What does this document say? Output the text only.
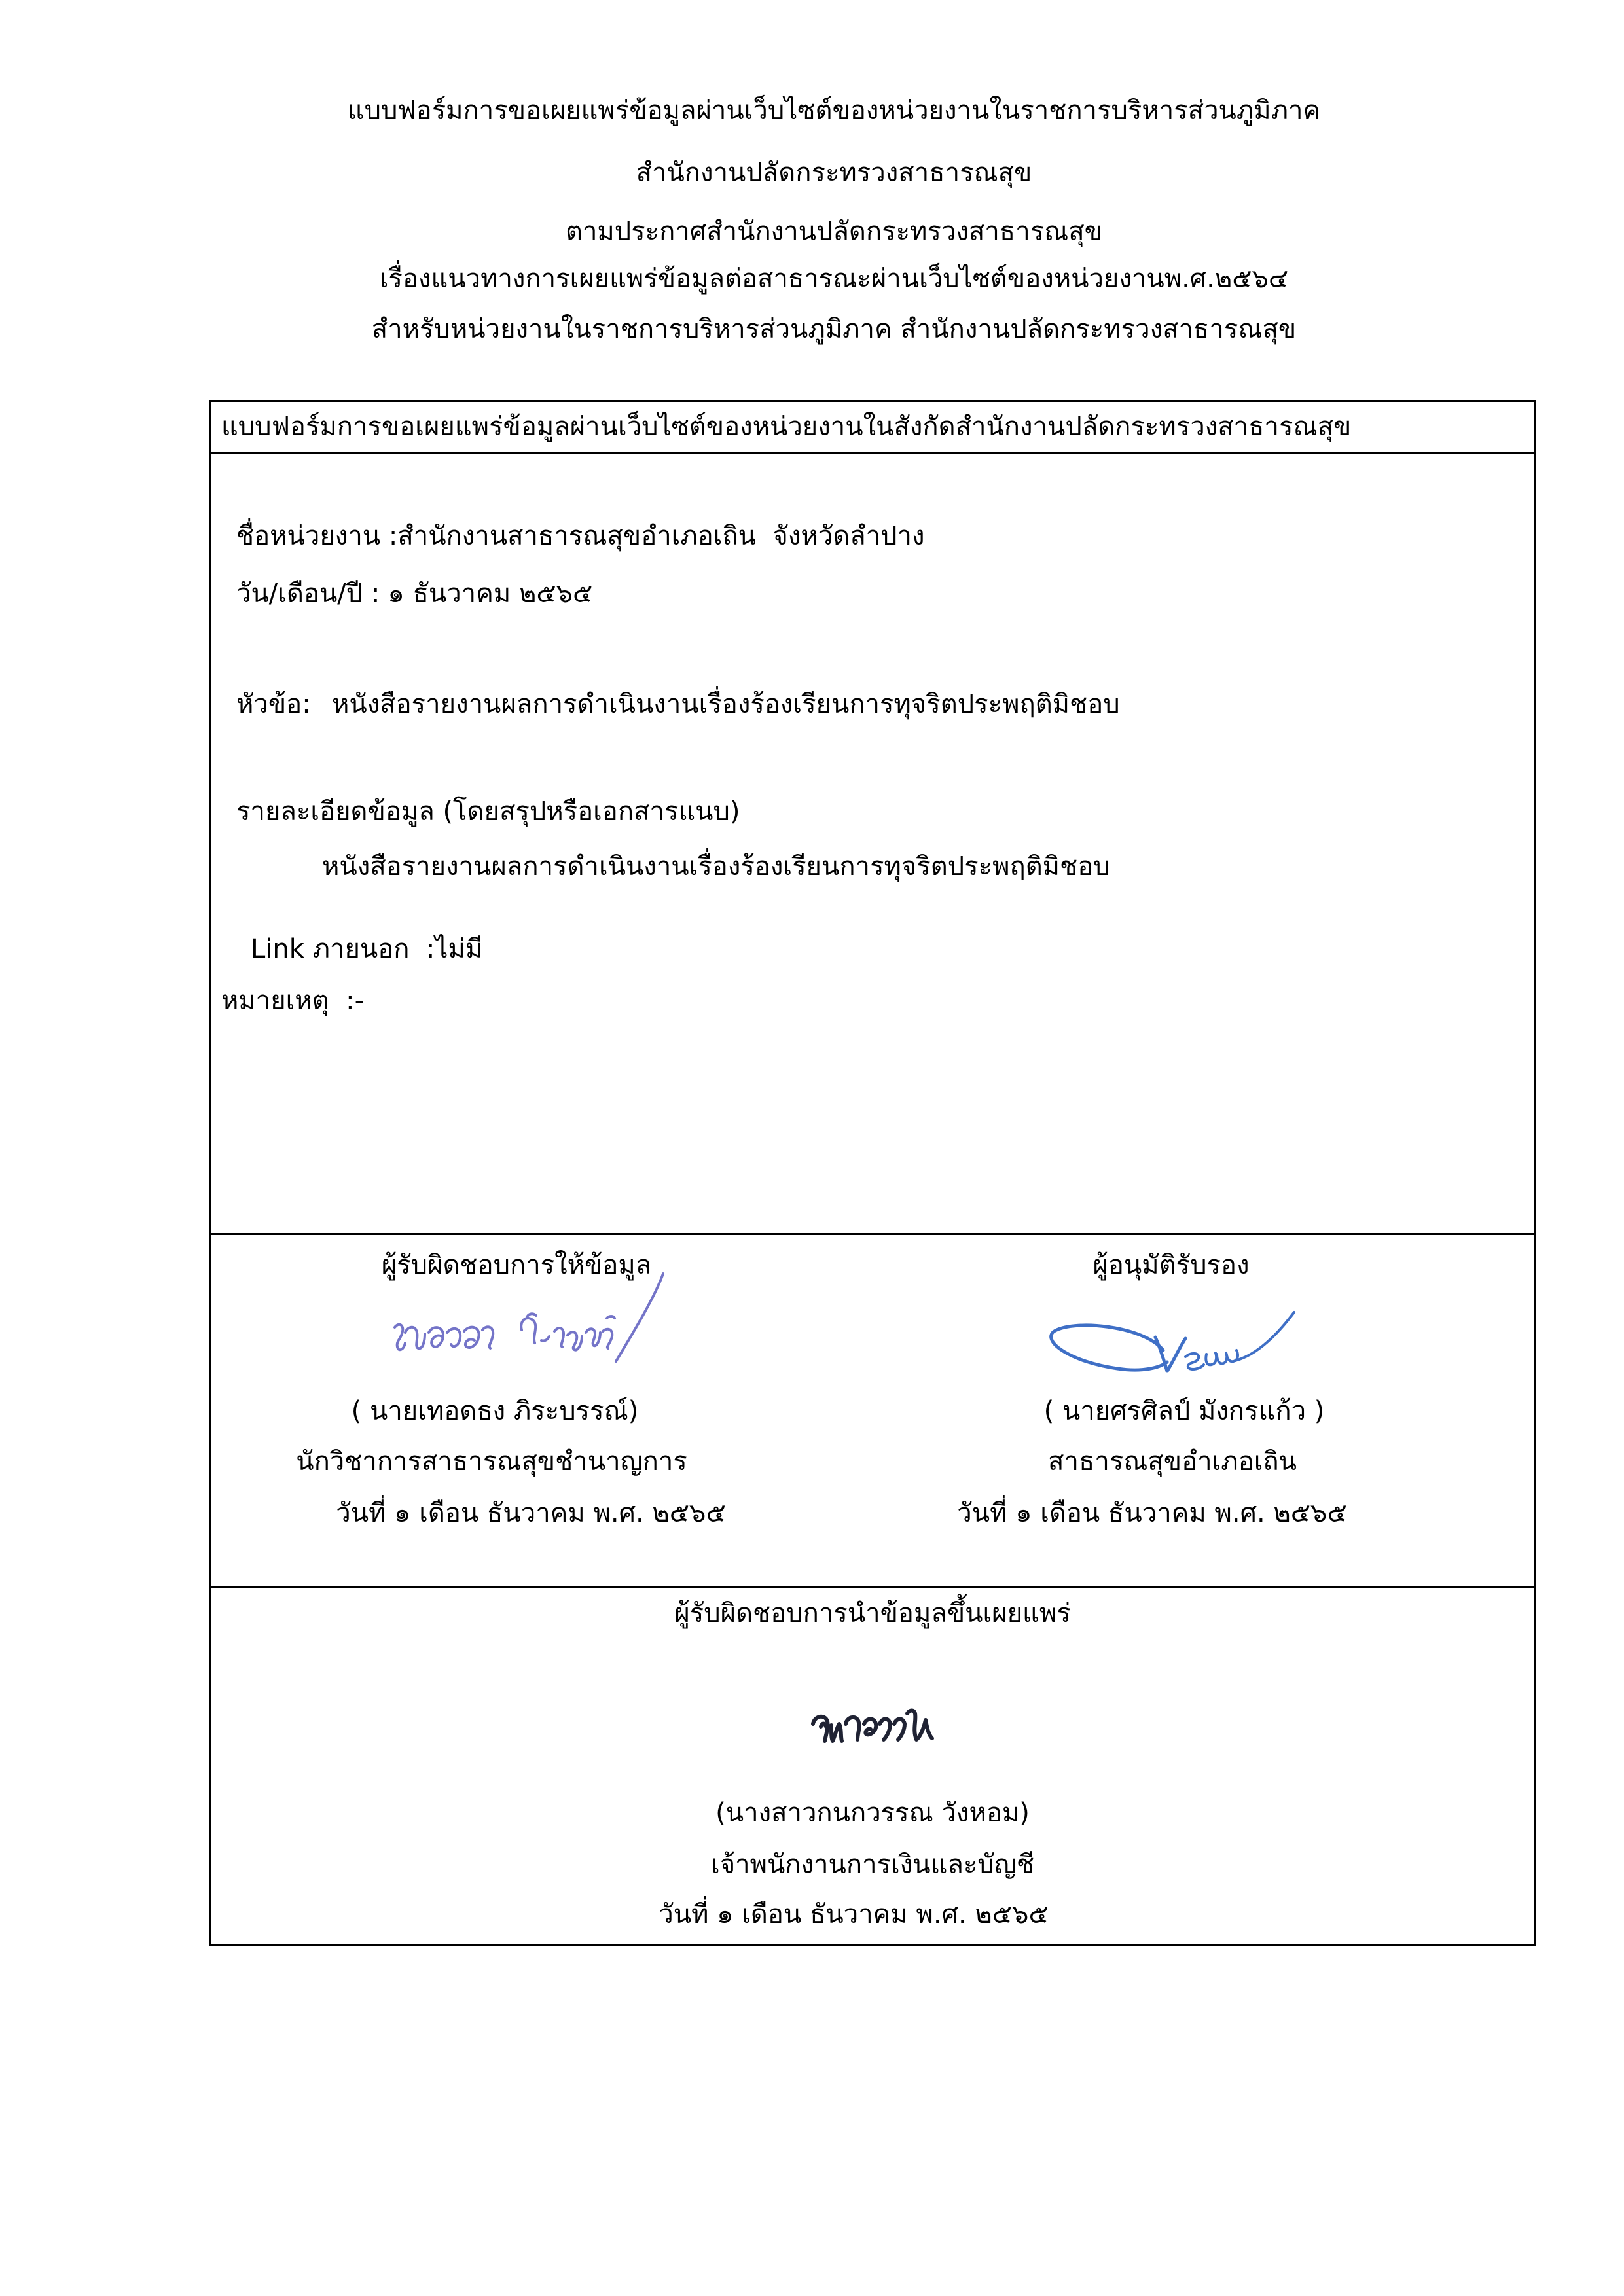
แบบฟอร์มการขอเผยแพร่ข้อมูลผ่านเว็บไซต์ของหน่วยงานในราชการบริหารส่วนภูมิภาค
สำนักงานปลัดกระทรวงสาธารณสุข
ตามประกาศสำนักงานปลัดกระทรวงสาธารณสุข
เรื่องแนวทางการเผยแพร่ข้อมูลต่อสาธารณะผ่านเว็บไซต์ของหน่วยงานพ.ศ.๒๕๖๔
สำหรับหน่วยงานในราชการบริหารส่วนภูมิภาค สำนักงานปลัดกระทรวงสาธารณสุข
แบบฟอร์มการขอเผยแพร่ข้อมูลผ่านเว็บไซต์ของหน่วยงานในสังกัดสำนักงานปลัดกระทรวงสาธารณสุข
ชื่อหน่วยงาน :สำนักงานสาธารณสุขอำเภอเถิน  จังหวัดลำปาง
วัน/เดือน/ปี : ๑ ธันวาคม ๒๕๖๕
หัวข้อ: หนังสือรายงานผลการดำเนินงานเรื่องร้องเรียนการทุจริตประพฤติมิชอบ
รายละเอียดข้อมูล (โดยสรุปหรือเอกสารแนบ)
หนังสือรายงานผลการดำเนินงานเรื่องร้องเรียนการทุจริตประพฤติมิชอบ
Link ภายนอก  :ไม่มี
หมายเหตุ  :-
ผู้รับผิดชอบการให้ข้อมูล
( นายเทอดธง ภิระบรรณ์)
นักวิชาการสาธารณสุขชำนาญการ
วันที่ ๑ เดือน ธันวาคม พ.ศ. ๒๕๖๕
ผู้อนุมัติรับรอง
( นายศรศิลป์ มังกรแก้ว )
สาธารณสุขอำเภอเถิน
วันที่ ๑ เดือน ธันวาคม พ.ศ. ๒๕๖๕
ผู้รับผิดชอบการนำข้อมูลขึ้นเผยแพร่
(นางสาวกนกวรรณ วังหอม)
เจ้าพนักงานการเงินและบัญชี
วันที่ ๑ เดือน ธันวาคม พ.ศ. ๒๕๖๕
